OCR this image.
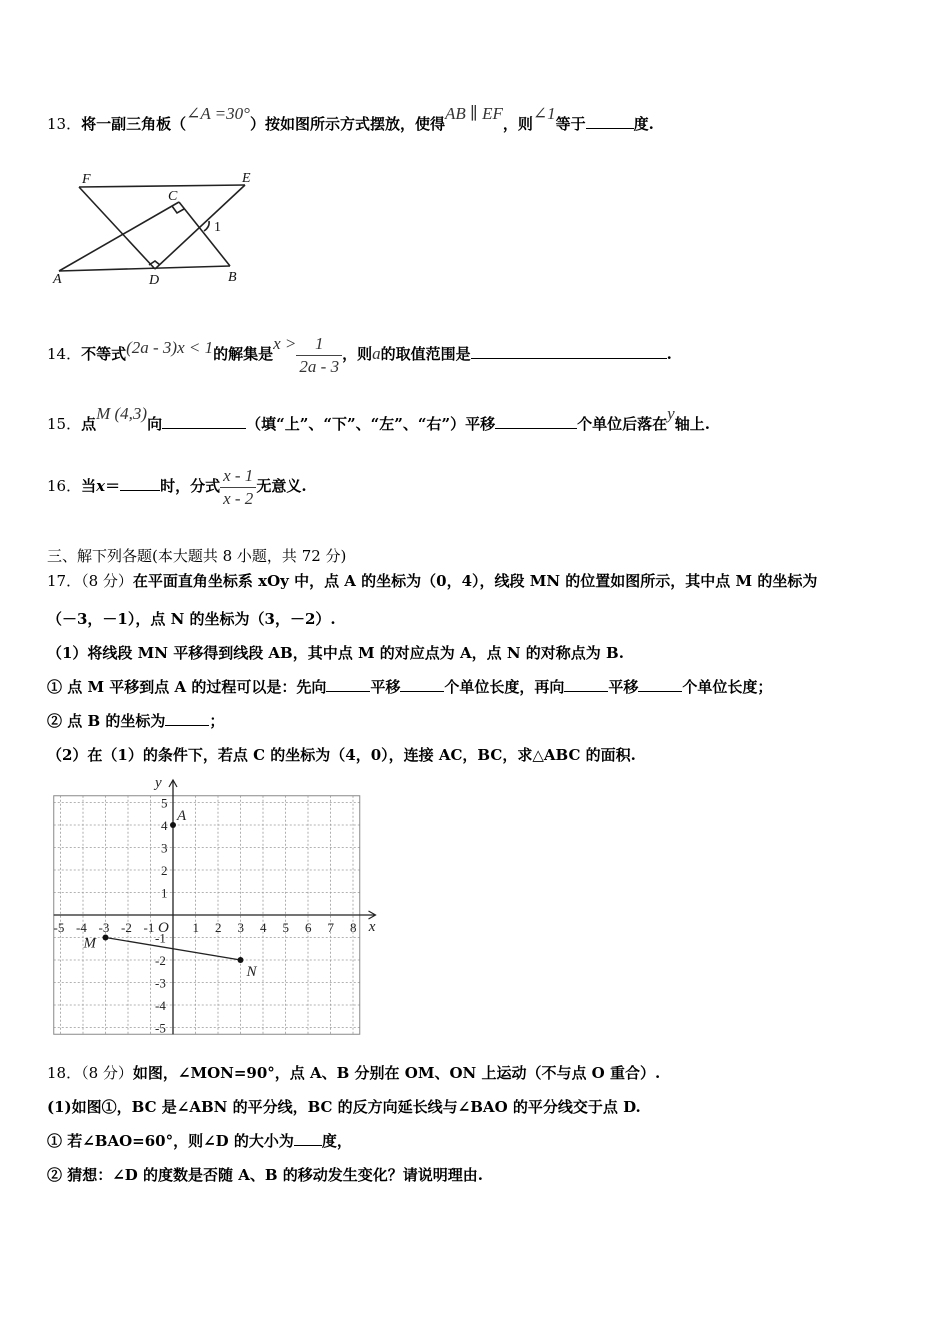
13．将一副三角板（∠A =30°）按如图所示方式摆放，使得AB ∥ EF，则∠1等于	度.
F	E
C
1
A	D	B
14．不等式(2a - 3)x < 1的解集是$x > \frac{1}{2a - 3}$ ，则a的取值范围是	.
15．点M (4,3)向	（填“上”、“下”、“左”、“右”）平移	个单位后落在y轴上.
16．当x＝	时，分式 $\frac{x - 1}{x - 2}$ 无意义.
三、解下列各题(本大题共 8 小题，共 72 分)
17．（8 分）在平面直角坐标系 xOy 中，点 A 的坐标为（0，4），线段 MN 的位置如图所示，其中点 M 的坐标为
（－3，－1），点 N 的坐标为（3，－2）.
（1）将线段 MN 平移得到线段 AB，其中点 M 的对应点为 A，点 N 的对称点为 B.
① 点 M 平移到点 A 的过程可以是：先向	平移	个单位长度，再向	平移	个单位长度；
② 点 B 的坐标为	；
（2）在（1）的条件下，若点 C 的坐标为（4，0），连接 AC，BC，求△ABC 的面积.
x
y
O
-5 -4 -3 -2 -1	1 2 3 4 5 6 7 8
5
4
3
2
1
-1
-2
-3
-4
-5
A
M
N
18．（8 分）如图，∠MON=90°，点 A、B 分别在 OM、ON 上运动（不与点 O 重合）.
(1)如图①，BC 是∠ABN 的平分线，BC 的反方向延长线与∠BAO 的平分线交于点 D.
① 若∠BAO=60°，则∠D 的大小为 度，
② 猜想：∠D 的度数是否随 A、B 的移动发生变化？请说明理由.
